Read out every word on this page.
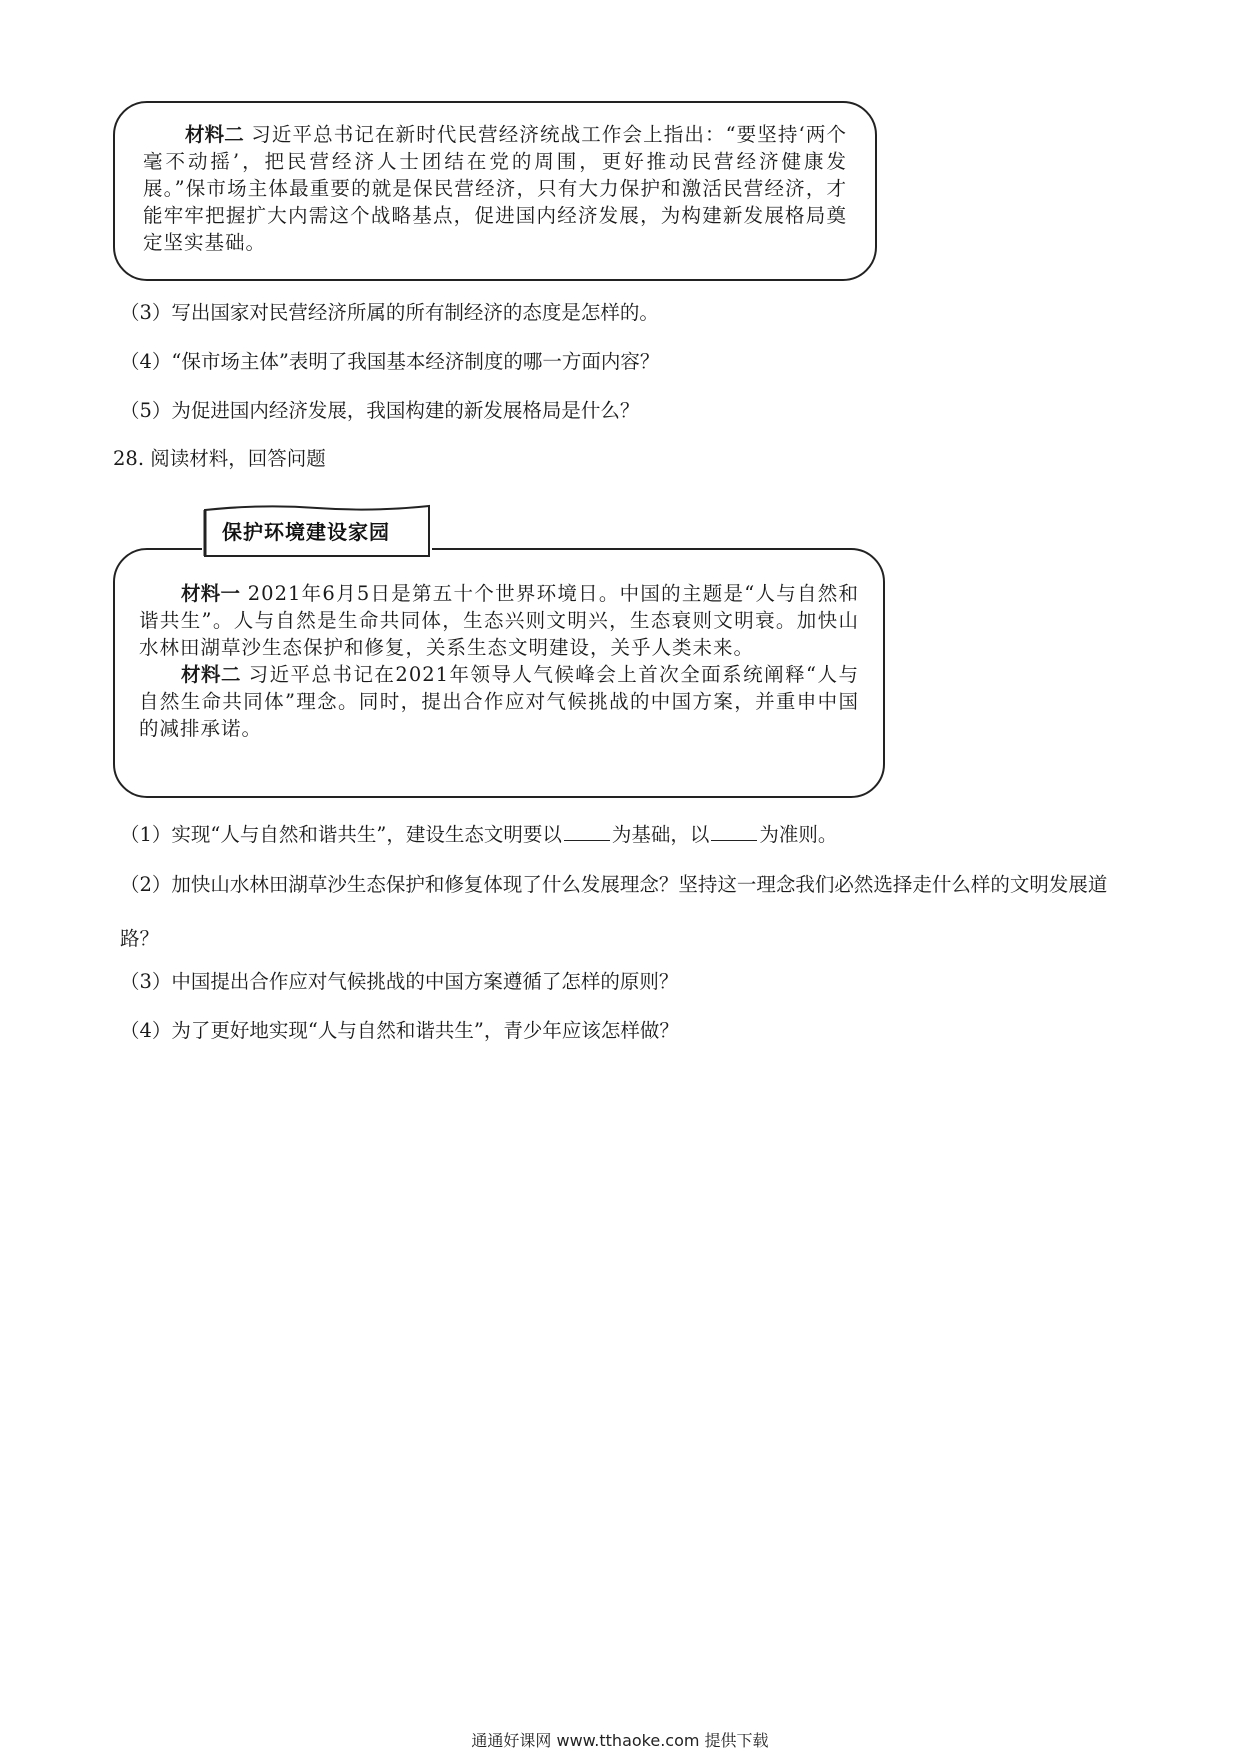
材料二 习近平总书记在新时代民营经济统战工作会上指出：“要坚持‘两个毫不动摇’，把民营经济人士团结在党的周围，更好推动民营经济健康发展。”保市场主体最重要的就是保民营经济，只有大力保护和激活民营经济，才能牢牢把握扩大内需这个战略基点，促进国内经济发展，为构建新发展格局奠定坚实基础。

（3）写出国家对民营经济所属的所有制经济的态度是怎样的。
（4）“保市场主体”表明了我国基本经济制度的哪一方面内容？
（5）为促进国内经济发展，我国构建的新发展格局是什么？
28. 阅读材料，回答问题
保护环境建设家园

材料一 2021年6月5日是第五十个世界环境日。中国的主题是“人与自然和谐共生”。人与自然是生命共同体，生态兴则文明兴，生态衰则文明衰。加快山水林田湖草沙生态保护和修复，关系生态文明建设，关乎人类未来。

材料二 习近平总书记在2021年领导人气候峰会上首次全面系统阐释“人与自然生命共同体”理念。同时，提出合作应对气候挑战的中国方案，并重申中国的减排承诺。

（1）实现“人与自然和谐共生”，建设生态文明要以	为基础，以	为准则。
（2）加快山水林田湖草沙生态保护和修复体现了什么发展理念？坚持这一理念我们必然选择走什么样的文明发展道路？
（3）中国提出合作应对气候挑战的中国方案遵循了怎样的原则？
（4）为了更好地实现“人与自然和谐共生”，青少年应该怎样做？
通通好课网 www.tthaoke.com 提供下载
